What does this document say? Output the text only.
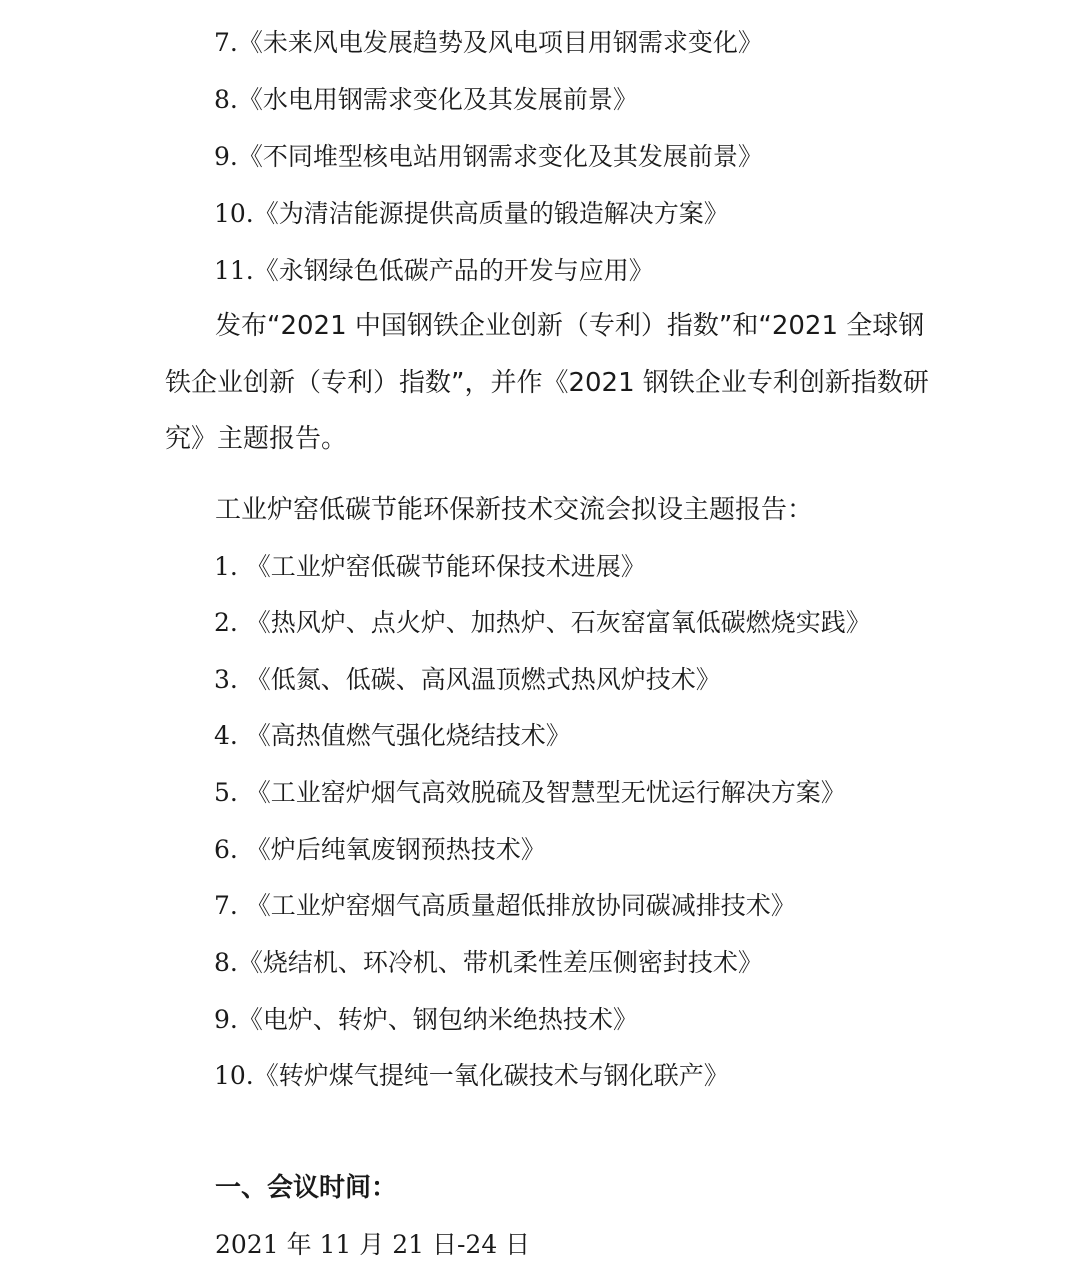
7.《未来风电发展趋势及风电项目用钢需求变化》
8.《水电用钢需求变化及其发展前景》
9.《不同堆型核电站用钢需求变化及其发展前景》
10.《为清洁能源提供高质量的锻造解决方案》
11.《永钢绿色低碳产品的开发与应用》
发布“2021 中国钢铁企业创新（专利）指数”和“2021 全球钢
铁企业创新（专利）指数”，并作《2021 钢铁企业专利创新指数研
究》主题报告。
工业炉窑低碳节能环保新技术交流会拟设主题报告：
1. 《工业炉窑低碳节能环保技术进展》
2. 《热风炉、点火炉、加热炉、石灰窑富氧低碳燃烧实践》
3. 《低氮、低碳、高风温顶燃式热风炉技术》
4. 《高热值燃气强化烧结技术》
5. 《工业窑炉烟气高效脱硫及智慧型无忧运行解决方案》
6. 《炉后纯氧废钢预热技术》
7. 《工业炉窑烟气高质量超低排放协同碳减排技术》
8.《烧结机、环冷机、带机柔性差压侧密封技术》
9.《电炉、转炉、钢包纳米绝热技术》
10.《转炉煤气提纯一氧化碳技术与钢化联产》
一、会议时间：
2021 年 11 月 21 日-24 日
